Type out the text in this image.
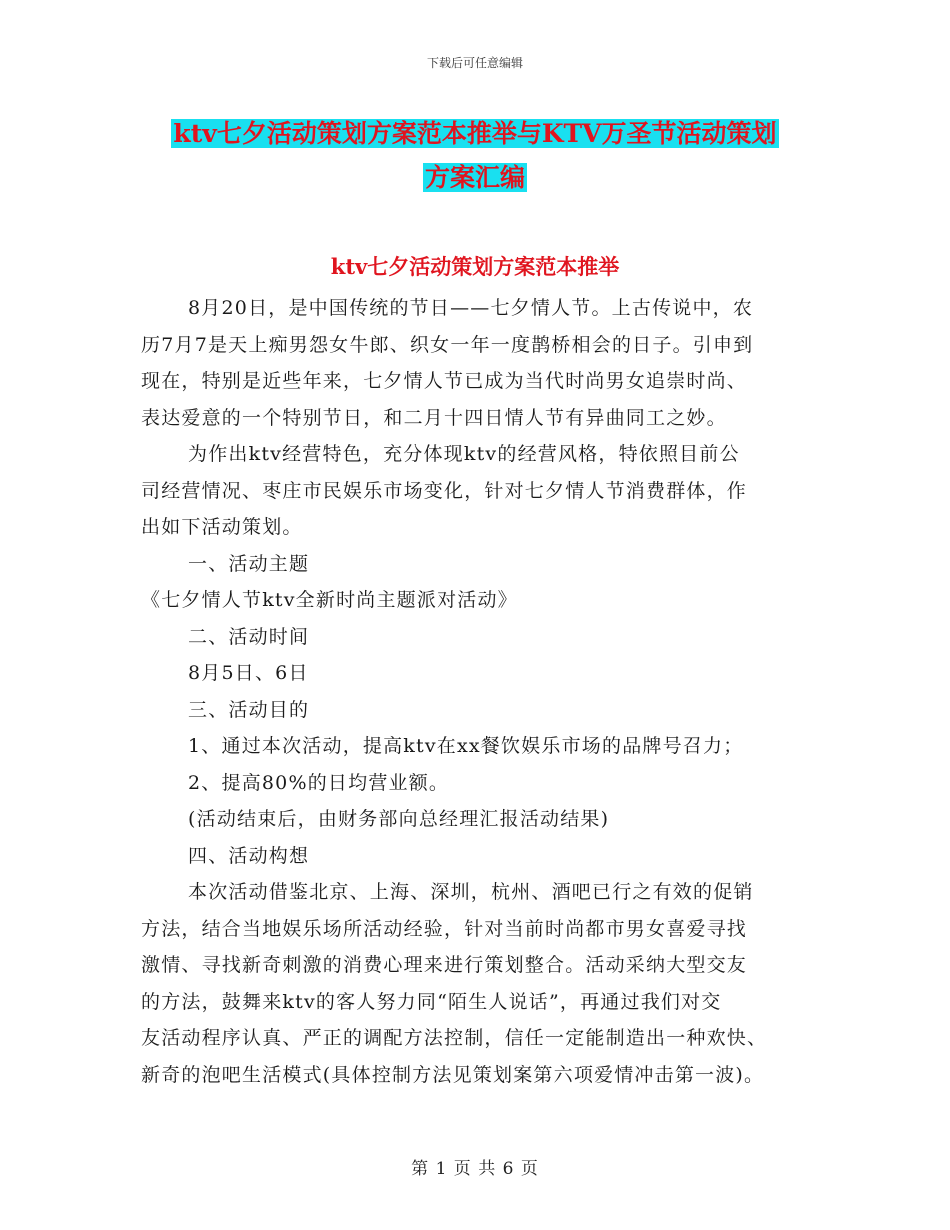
下载后可任意编辑
ktv七夕活动策划方案范本推举与KTV万圣节活动策划
方案汇编
ktv七夕活动策划方案范本推举

8月20日，是中国传统的节日——七夕情人节。上古传说中，农

历7月7是天上痴男怨女牛郎、织女一年一度鹊桥相会的日子。引申到

现在，特别是近些年来，七夕情人节已成为当代时尚男女追崇时尚、

表达爱意的一个特别节日，和二月十四日情人节有异曲同工之妙。

为作出ktv经营特色，充分体现ktv的经营风格，特依照目前公

司经营情况、枣庄市民娱乐市场变化，针对七夕情人节消费群体，作

出如下活动策划。

一、活动主题

《七夕情人节ktv全新时尚主题派对活动》

二、活动时间

8月5日、6日

三、活动目的

1、通过本次活动，提高ktv在xx餐饮娱乐市场的品牌号召力；

2、提高80%的日均营业额。

(活动结束后，由财务部向总经理汇报活动结果)

四、活动构想

本次活动借鉴北京、上海、深圳，杭州、酒吧已行之有效的促销

方法，结合当地娱乐场所活动经验，针对当前时尚都市男女喜爱寻找

激情、寻找新奇刺激的消费心理来进行策划整合。活动采纳大型交友

的方法，鼓舞来ktv的客人努力同“陌生人说话”，再通过我们对交

友活动程序认真、严正的调配方法控制，信任一定能制造出一种欢快、

新奇的泡吧生活模式(具体控制方法见策划案第六项爱情冲击第一波)。

第 1 页 共 6 页
